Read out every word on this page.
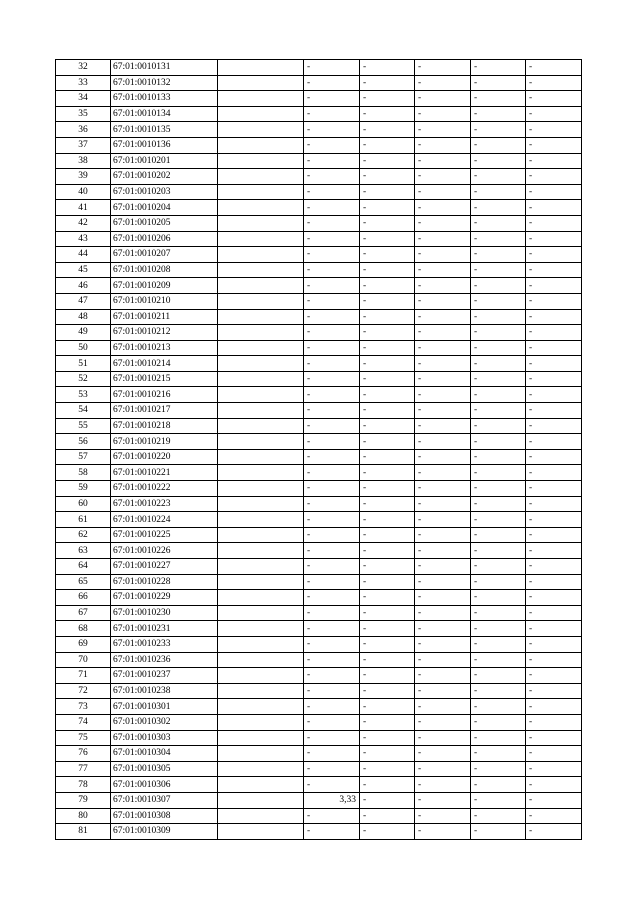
32	67:01:0010131		-	-	-	-	-
33	67:01:0010132		-	-	-	-	-
34	67:01:0010133		-	-	-	-	-
35	67:01:0010134		-	-	-	-	-
36	67:01:0010135		-	-	-	-	-
37	67:01:0010136		-	-	-	-	-
38	67:01:0010201		-	-	-	-	-
39	67:01:0010202		-	-	-	-	-
40	67:01:0010203		-	-	-	-	-
41	67:01:0010204		-	-	-	-	-
42	67:01:0010205		-	-	-	-	-
43	67:01:0010206		-	-	-	-	-
44	67:01:0010207		-	-	-	-	-
45	67:01:0010208		-	-	-	-	-
46	67:01:0010209		-	-	-	-	-
47	67:01:0010210		-	-	-	-	-
48	67:01:0010211		-	-	-	-	-
49	67:01:0010212		-	-	-	-	-
50	67:01:0010213		-	-	-	-	-
51	67:01:0010214		-	-	-	-	-
52	67:01:0010215		-	-	-	-	-
53	67:01:0010216		-	-	-	-	-
54	67:01:0010217		-	-	-	-	-
55	67:01:0010218		-	-	-	-	-
56	67:01:0010219		-	-	-	-	-
57	67:01:0010220		-	-	-	-	-
58	67:01:0010221		-	-	-	-	-
59	67:01:0010222		-	-	-	-	-
60	67:01:0010223		-	-	-	-	-
61	67:01:0010224		-	-	-	-	-
62	67:01:0010225		-	-	-	-	-
63	67:01:0010226		-	-	-	-	-
64	67:01:0010227		-	-	-	-	-
65	67:01:0010228		-	-	-	-	-
66	67:01:0010229		-	-	-	-	-
67	67:01:0010230		-	-	-	-	-
68	67:01:0010231		-	-	-	-	-
69	67:01:0010233		-	-	-	-	-
70	67:01:0010236		-	-	-	-	-
71	67:01:0010237		-	-	-	-	-
72	67:01:0010238		-	-	-	-	-
73	67:01:0010301		-	-	-	-	-
74	67:01:0010302		-	-	-	-	-
75	67:01:0010303		-	-	-	-	-
76	67:01:0010304		-	-	-	-	-
77	67:01:0010305		-	-	-	-	-
78	67:01:0010306		-	-	-	-	-
79	67:01:0010307		3,33	-	-	-	-
80	67:01:0010308		-	-	-	-	-
81	67:01:0010309		-	-	-	-	-
